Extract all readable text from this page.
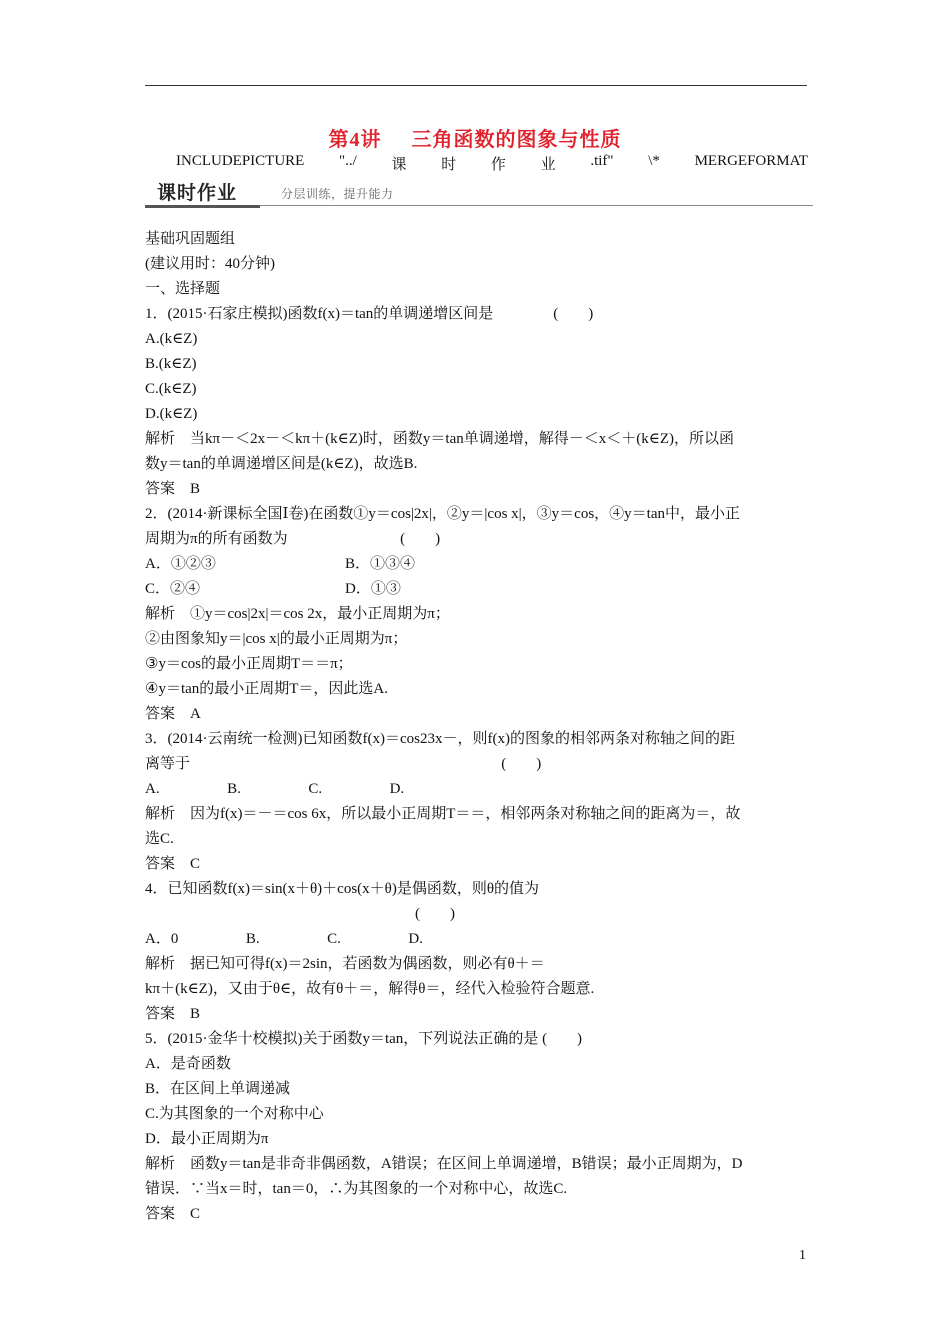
第4讲 三角函数的图象与性质
INCLUDEPICTURE "../ 课 时 作 业 .tif" \* MERGEFORMAT
课时作业	分层训练，提升能力
基础巩固题组
(建议用时：40分钟)
一、选择题
1．(2015·石家庄模拟)函数f(x)＝tan的单调递增区间是                (　　)
A.(k∈Z)
B.(k∈Z)
C.(k∈Z)
D.(k∈Z)
解析　当kπ－＜2x－＜kπ＋(k∈Z)时，函数y＝tan单调递增，解得－＜x＜＋(k∈Z)，所以函
数y＝tan的单调递增区间是(k∈Z)，故选B.
答案　B
2．(2014·新课标全国Ⅰ卷)在函数①y＝cos|2x|，②y＝|cos x|，③y＝cos，④y＝tan中，最小正
周期为π的所有函数为                              (　　)
A．①②③	B．①③④
C．②④	D．①③
解析　①y＝cos|2x|＝cos 2x，最小正周期为π；
②由图象知y＝|cos x|的最小正周期为π；
③y＝cos的最小正周期T＝＝π；
④y＝tan的最小正周期T＝，因此选A.
答案　A
3．(2014·云南统一检测)已知函数f(x)＝cos23x－，则f(x)的图象的相邻两条对称轴之间的距
离等于                                                                                   (　　)
A.                  B.                  C.                  D.
解析　因为f(x)＝－＝cos 6x，所以最小正周期T＝＝，相邻两条对称轴之间的距离为＝，故
选C.
答案　C
4．已知函数f(x)＝sin(x＋θ)＋cos(x＋θ)是偶函数，则θ的值为
(　　)
A．0                  B.                  C.                  D.
解析　据已知可得f(x)＝2sin，若函数为偶函数，则必有θ＋＝
kπ＋(k∈Z)，又由于θ∈，故有θ＋＝，解得θ＝，经代入检验符合题意.
答案　B
5．(2015·金华十校模拟)关于函数y＝tan，下列说法正确的是 (　　)
A．是奇函数
B．在区间上单调递减
C.为其图象的一个对称中心
D．最小正周期为π
解析　函数y＝tan是非奇非偶函数，A错误；在区间上单调递增，B错误；最小正周期为，D
错误．∵当x＝时，tan＝0，∴为其图象的一个对称中心，故选C.
答案　C
1
